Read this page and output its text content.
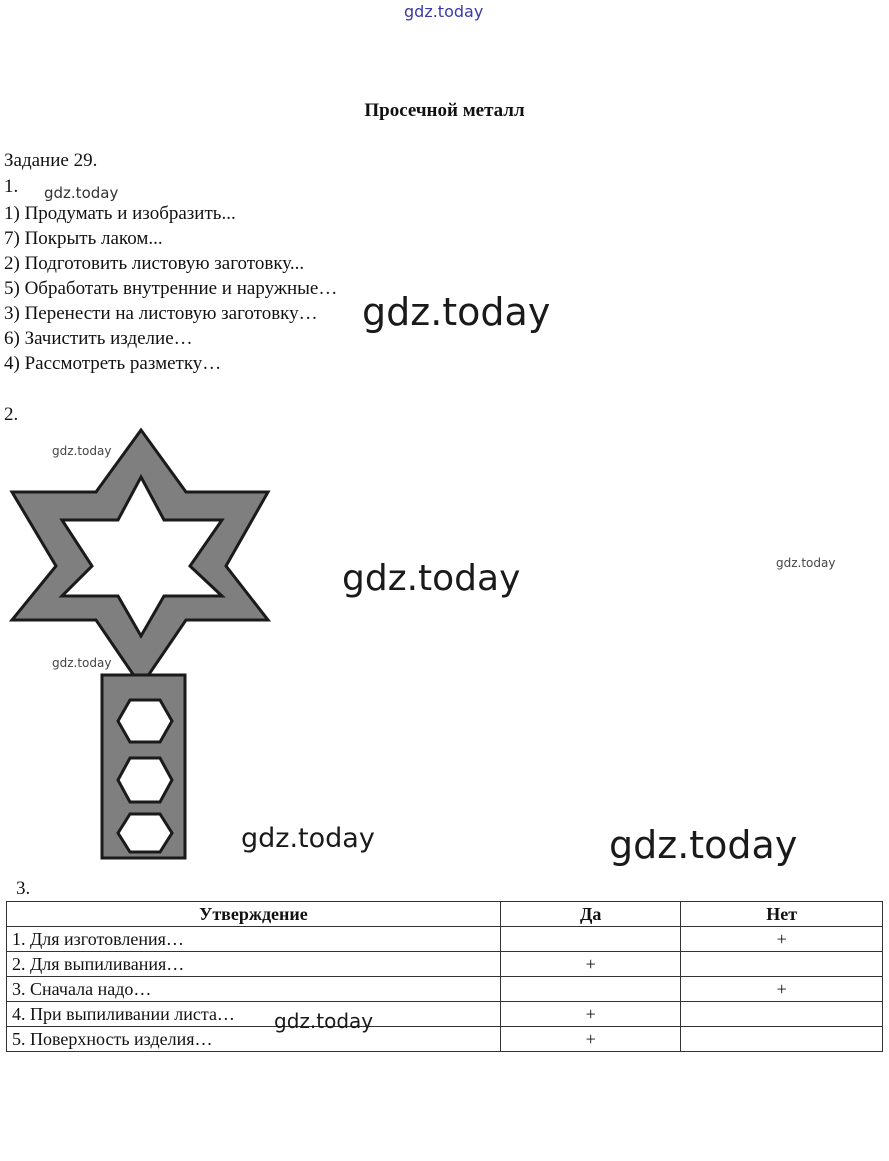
gdz.today
Просечной металл
Задание 29.
1.
1) Продумать и изобразить...
7) Покрыть лаком...
2) Подготовить листовую заготовку...
5) Обработать внутренние и наружные…
3) Перенести на листовую заготовку…
6) Зачистить изделие…
4) Рассмотреть разметку…
2.
gdz.today
gdz.today
gdz.today
gdz.today
gdz.today
gdz.today
gdz.today	gdz.today
3.
Утверждение	Да	Нет
1. Для изготовления…		+
2. Для выпиливания…	+	
3. Сначала надо…		+
4. При выпиливании листа…	+	
5. Поверхность изделия…	+	
gdz.today
